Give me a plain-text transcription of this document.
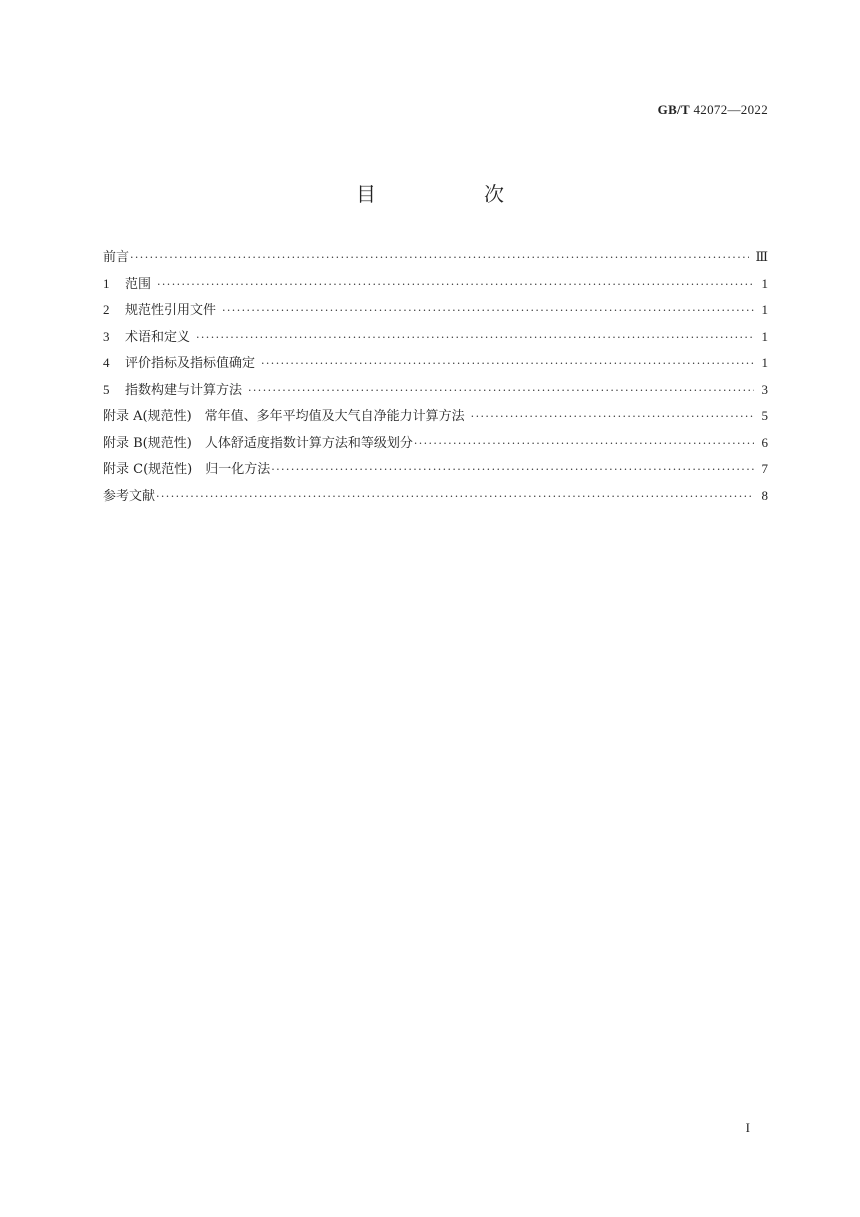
GB/T 42072—2022
目　次
前言 ·····	Ⅲ
1	范围 ·····	1
2	规范性引用文件 ·····	1
3	术语和定义 ·····	1
4	评价指标及指标值确定 ·····	1
5	指数构建与计算方法 ·····	3
附录 A(规范性)　常年值、多年平均值及大气自净能力计算方法 ·····	5
附录 B(规范性)　人体舒适度指数计算方法和等级划分 ·····	6
附录 C(规范性)　归一化方法 ·····	7
参考文献 ·····	8
I
